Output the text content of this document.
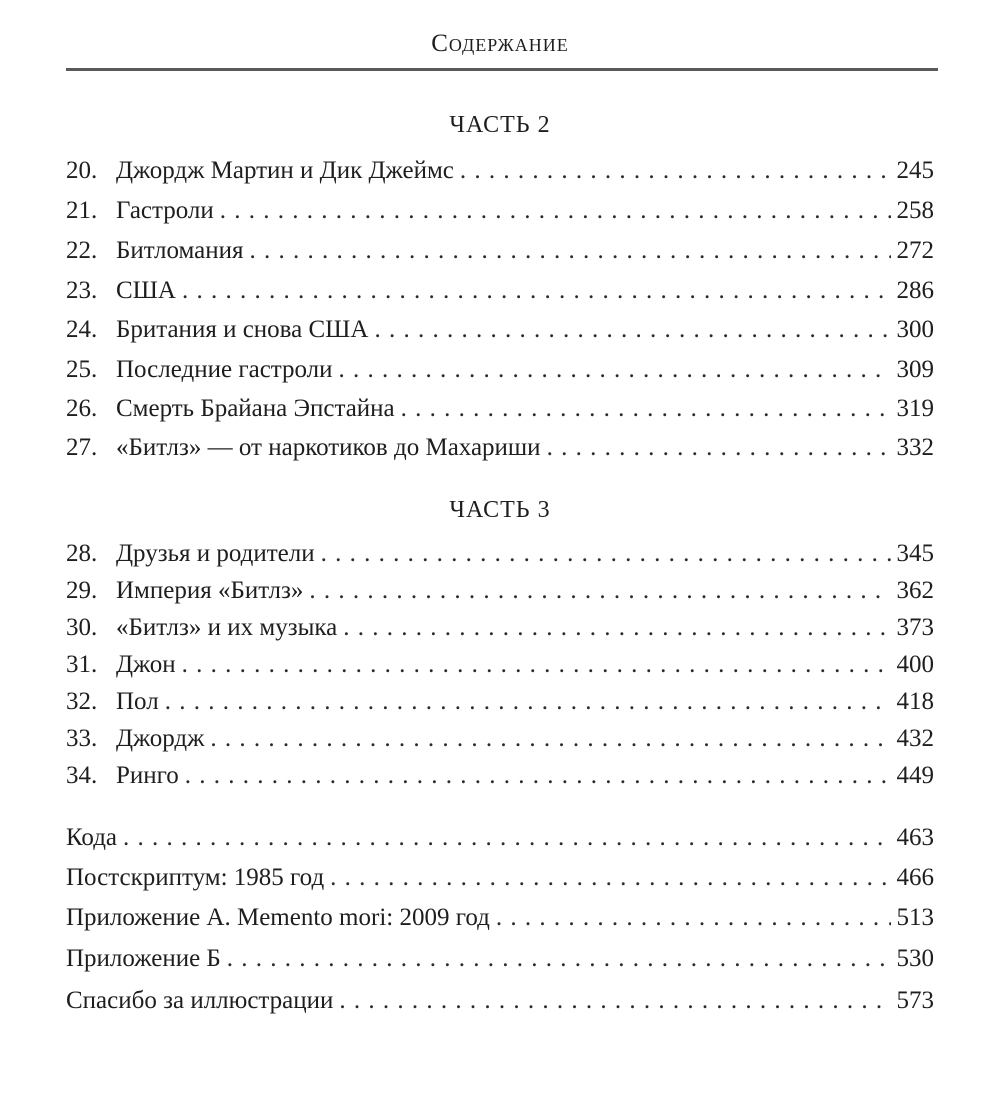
Содержание
ЧАСТЬ 2
20. Джордж Мартин и Дик Джеймс . . .	245
21. Гастроли . . .	258
22. Битломания . . .	272
23. США . . .	286
24. Британия и снова США . . .	300
25. Последние гастроли . . .	309
26. Смерть Брайана Эпстайна . . .	319
27. «Битлз» — от наркотиков до Махариши . . .	332
ЧАСТЬ 3
28. Друзья и родители . . .	345
29. Империя «Битлз» . . .	362
30. «Битлз» и их музыка . . .	373
31. Джон . . .	400
32. Пол . . .	418
33. Джордж . . .	432
34. Ринго . . .	449
Кода . . .	463
Постскриптум: 1985 год . . .	466
Приложение А. Memento mori: 2009 год . . .	513
Приложение Б . . .	530
Спасибо за иллюстрации . . .	573
